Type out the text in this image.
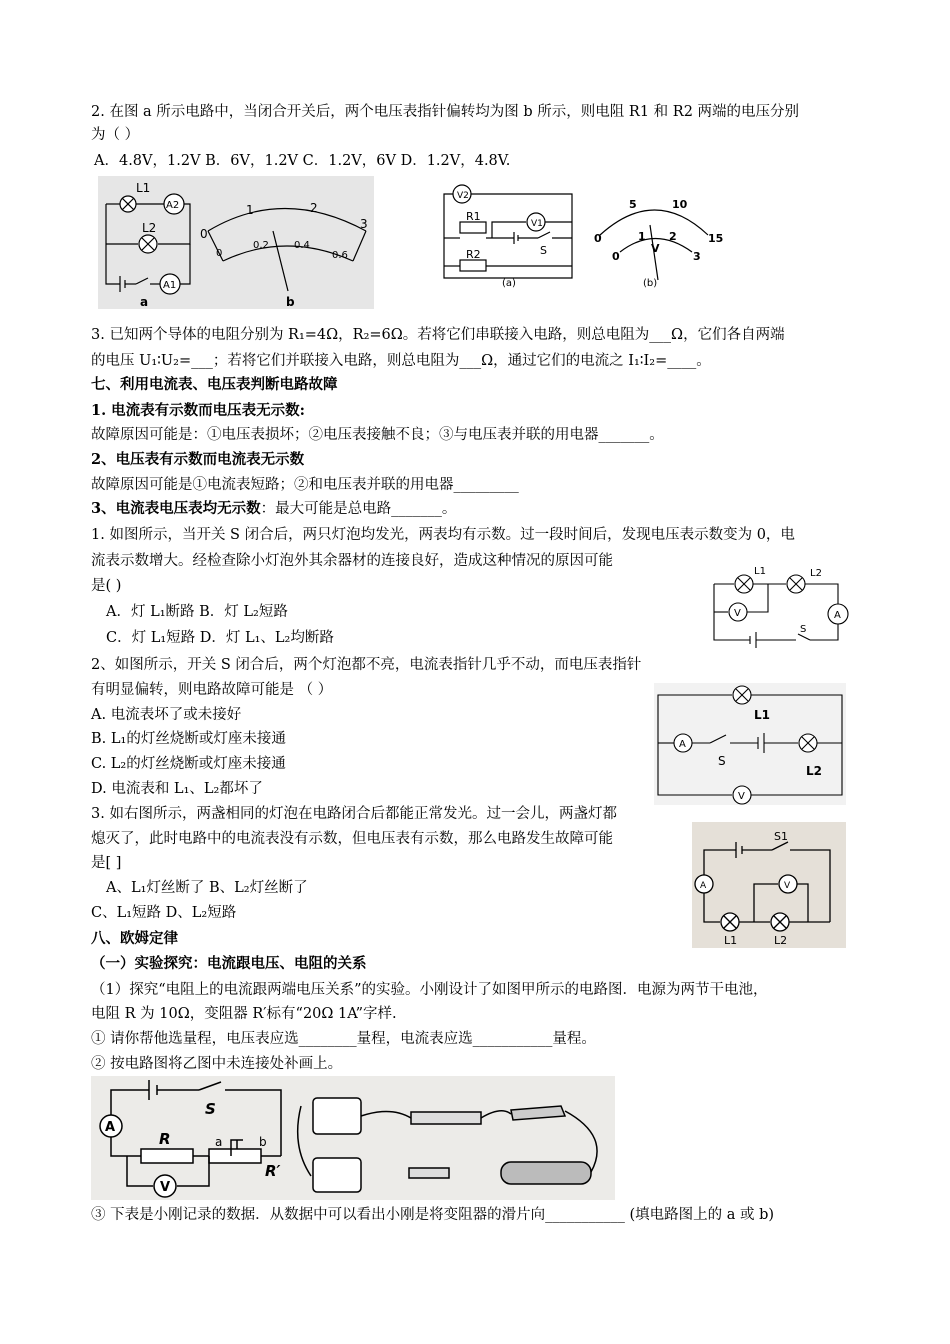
2. 在图 a 所示电路中，当闭合开关后，两个电压表指针偏转均为图 b 所示，则电阻 R1 和 R2 两端的电压分别
为（ ）
A．4.8V，1.2V B．6V，1.2V C．1.2V，6V D．1.2V，4.8V.
L1
A2
L2
A1
a	b
0
1	2
3
0
0.2	0.4
0.6
V2
V1
R1
R2	S
(a)	(b)
0
5	10
15
0
1 2
3
V
3. 已知两个导体的电阻分别为 R₁=4Ω，R₂=6Ω。若将它们串联接入电路，则总电阻为___Ω，它们各自两端
的电压 U₁∶U₂=___；若将它们并联接入电路，则总电阻为___Ω，通过它们的电流之 I₁∶I₂=____。
七、利用电流表、电压表判断电路故障
1. 电流表有示数而电压表无示数:
故障原因可能是：①电压表损坏；②电压表接触不良；③与电压表并联的用电器_______。
2、电压表有示数而电流表无示数
故障原因可能是①电流表短路；②和电压表并联的用电器_________
3、电流表电压表均无示数：最大可能是总电路_______。
1. 如图所示，当开关 S 闭合后，两只灯泡均发光，两表均有示数。过一段时间后，发现电压表示数变为 0，电
流表示数增大。经检查除小灯泡外其余器材的连接良好，造成这种情况的原因可能
是( )
A．灯 L₁断路 B．灯 L₂短路
C．灯 L₁短路 D．灯 L₁、L₂均断路
L1	L2
V	A
S
2、如图所示，开关 S 闭合后，两个灯泡都不亮，电流表指针几乎不动，而电压表指针
有明显偏转，则电路故障可能是 （ ）
A. 电流表坏了或未接好
B. L₁的灯丝烧断或灯座未接通
C. L₂的灯丝烧断或灯座未接通
D. 电流表和 L₁、L₂都坏了
L1
L2
A
S
V
3. 如右图所示，两盏相同的灯泡在电路闭合后都能正常发光。过一会儿，两盏灯都
熄灭了，此时电路中的电流表没有示数，但电压表有示数，那么电路发生故障可能
是[ ]
A、L₁灯丝断了 B、L₂灯丝断了
C、L₁短路 D、L₂短路
S1
A	V
L1	L2
八、欧姆定律
（一）实验探究：电流跟电压、电阻的关系
（1）探究“电阻上的电流跟两端电压关系”的实验。小刚设计了如图甲所示的电路图．电源为两节干电池，
电阻 R 为 10Ω，变阻器 R′标有“20Ω 1A”字样.
① 请你帮他选量程，电压表应选________量程，电流表应选___________量程。
② 按电路图将乙图中未连接处补画上。
A
S
R	a	b
R′
V
③ 下表是小刚记录的数据．从数据中可以看出小刚是将变阻器的滑片向___________ (填电路图上的 a 或 b)
